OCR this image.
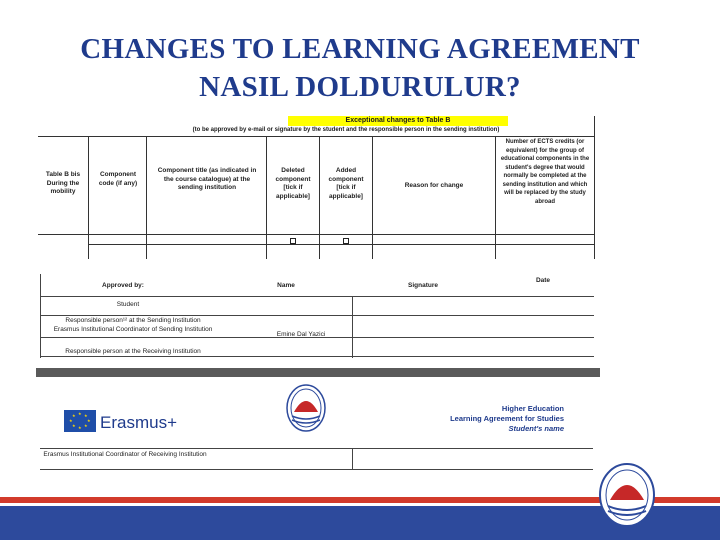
CHANGES TO LEARNING AGREEMENT
NASIL DOLDURULUR?
Exceptional changes to Table B
(to be approved by e-mail or signature by the student and the responsible person in the sending institution)
Table B bis During the mobility
Component code (if any)
Component title (as indicated in the course catalogue) at the sending institution
Deleted component [tick if applicable]
Added component [tick if applicable]
Reason for change
Number of ECTS credits (or equivalent) for the group of educational components in the student's degree that would normally be completed at the sending institution and which will be replaced by the study abroad
Approved by:	Name	Signature
Date
Student
Responsible person¹² at the Sending Institution
Erasmus Institutional Coordinator of Sending Institution
Emine Dal Yazici
Responsible person at the Receiving Institution
★ ★
★
★
★
★
★
★ Erasmus+
Higher Education
Learning Agreement for Studies
Student's name
Erasmus Institutional Coordinator of Receiving Institution
